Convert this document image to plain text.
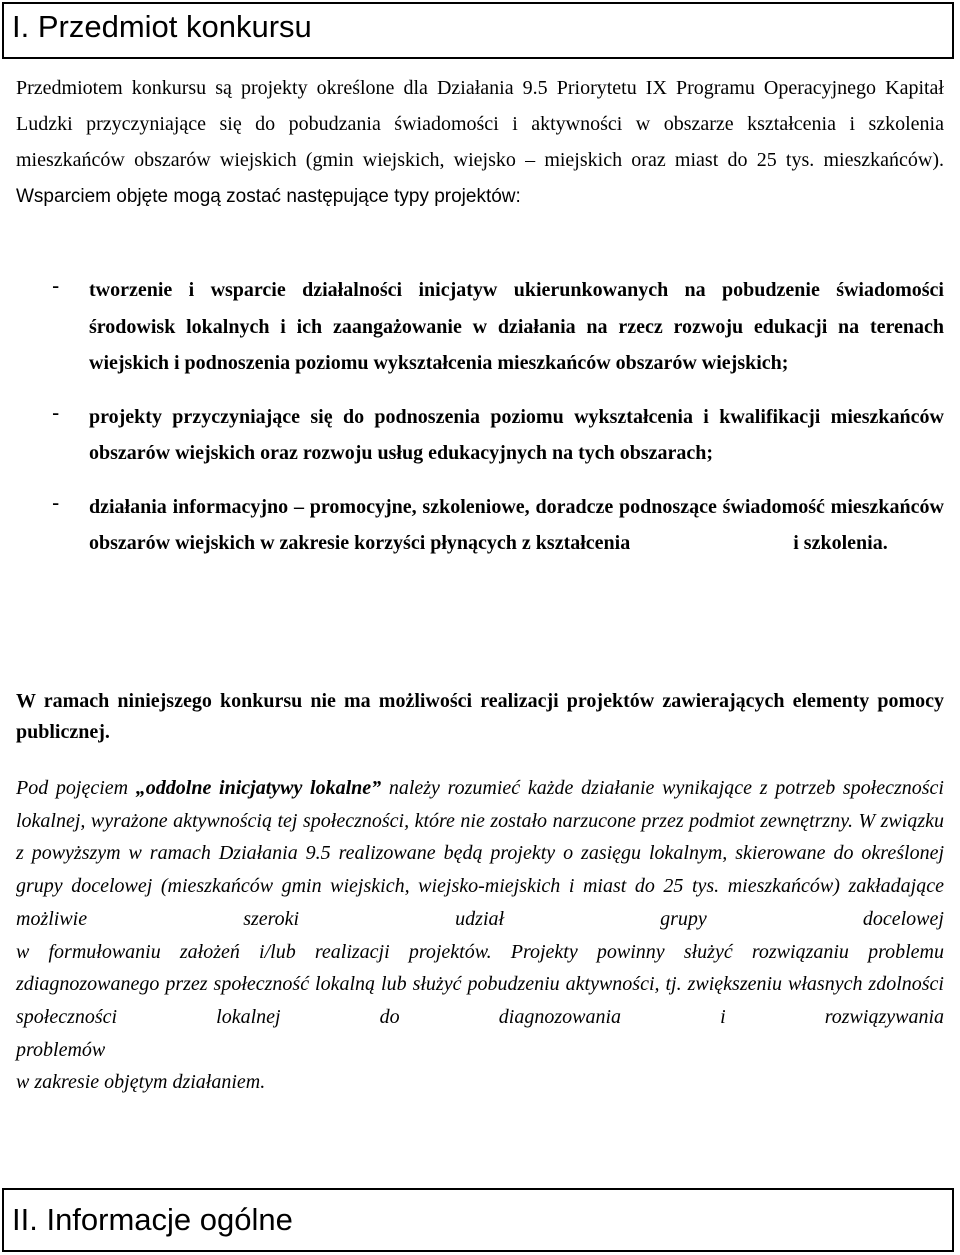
I. Przedmiot konkursu

Przedmiotem konkursu są projekty określone dla Działania 9.5 Priorytetu IX Programu Operacyjnego Kapitał Ludzki przyczyniające się do pobudzania świadomości i aktywności w obszarze kształcenia i szkolenia mieszkańców obszarów wiejskich (gmin wiejskich, wiejsko – miejskich oraz miast do 25 tys. mieszkańców). Wsparciem objęte mogą zostać następujące typy projektów:

- tworzenie i wsparcie działalności inicjatyw ukierunkowanych na pobudzenie świadomości środowisk lokalnych i ich zaangażowanie w działania na rzecz rozwoju edukacji na terenach wiejskich i podnoszenia poziomu wykształcenia mieszkańców obszarów wiejskich;
- projekty przyczyniające się do podnoszenia poziomu wykształcenia i kwalifikacji mieszkańców obszarów wiejskich oraz rozwoju usług edukacyjnych na tych obszarach;
- działania informacyjno – promocyjne, szkoleniowe, doradcze podnoszące świadomość mieszkańców obszarów wiejskich w zakresie korzyści płynących z kształcenia	i szkolenia.

W ramach niniejszego konkursu nie ma możliwości realizacji projektów zawierających elementy pomocy publicznej.

Pod pojęciem „oddolne inicjatywy lokalne” należy rozumieć każde działanie wynikające z potrzeb społeczności lokalnej, wyrażone aktywnością tej społeczności, które nie zostało narzucone przez podmiot zewnętrzny. W związku z powyższym w ramach Działania 9.5 realizowane będą projekty o zasięgu lokalnym, skierowane do określonej grupy docelowej (mieszkańców gmin wiejskich, wiejsko-miejskich i miast do 25 tys. mieszkańców) zakładające
możliwie	szeroki	udział	grupy	docelowej
w formułowaniu założeń i/lub realizacji projektów. Projekty powinny służyć rozwiązaniu problemu zdiagnozowanego przez społeczność lokalną lub służyć pobudzeniu aktywności, tj. zwiększeniu własnych zdolności społeczności lokalnej do diagnozowania i rozwiązywania
problemów
w zakresie objętym działaniem.
II. Informacje ogólne
